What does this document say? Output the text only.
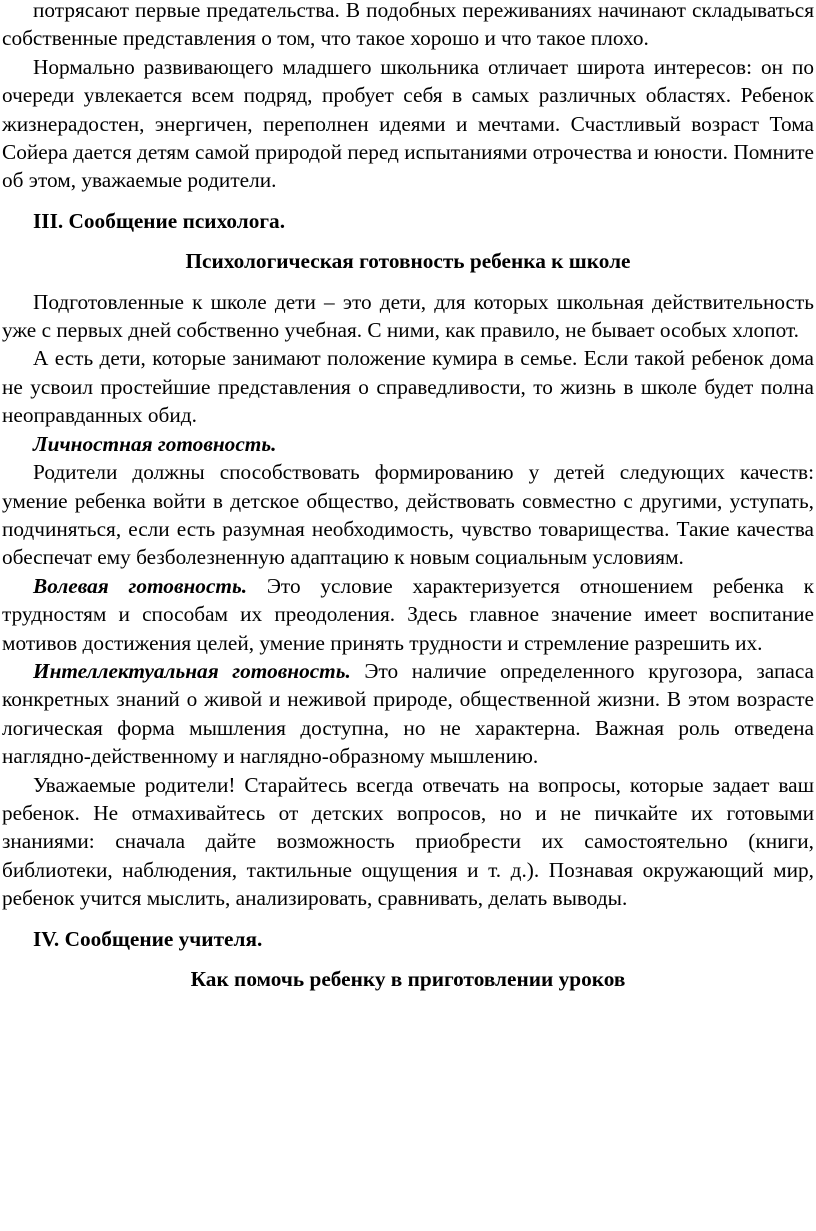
потрясают первые предательства. В подобных переживаниях начинают складываться собственные представления о том, что такое хорошо и что такое плохо.

Нормально развивающего младшего школьника отличает широта интересов: он по очереди увлекается всем подряд, пробует себя в самых различных областях. Ребенок жизнерадостен, энергичен, переполнен идеями и мечтами. Счастливый возраст Тома Сойера дается детям самой природой перед испытаниями отрочества и юности. Помните об этом, уважаемые родители.

III. Сообщение психолога.

Психологическая готовность ребенка к школе

Подготовленные к школе дети – это дети, для которых школьная действительность уже с первых дней собственно учебная. С ними, как правило, не бывает особых хлопот.

А есть дети, которые занимают положение кумира в семье. Если такой ребенок дома не усвоил простейшие представления о справедливости, то жизнь в школе будет полна неоправданных обид.

Личностная готовность.

Родители должны способствовать формированию у детей следующих качеств: умение ребенка войти в детское общество, действовать совместно с другими, уступать, подчиняться, если есть разумная необходимость, чувство товарищества. Такие качества обеспечат ему безболезненную адаптацию к новым социальным условиям.

Волевая готовность. Это условие характеризуется отношением ребенка к трудностям и способам их преодоления. Здесь главное значение имеет воспитание мотивов достижения целей, умение принять трудности и стремление разрешить их.

Интеллектуальная готовность. Это наличие определенного кругозора, запаса конкретных знаний о живой и неживой природе, общественной жизни. В этом возрасте логическая форма мышления доступна, но не характерна. Важная роль отведена наглядно-действенному и наглядно-образному мышлению.

Уважаемые родители! Старайтесь всегда отвечать на вопросы, которые задает ваш ребенок. Не отмахивайтесь от детских вопросов, но и не пичкайте их готовыми знаниями: сначала дайте возможность приобрести их самостоятельно (книги, библиотеки, наблюдения, тактильные ощущения и т. д.). Познавая окружающий мир, ребенок учится мыслить, анализировать, сравнивать, делать выводы.

IV. Сообщение учителя.

Как помочь ребенку в приготовлении уроков
